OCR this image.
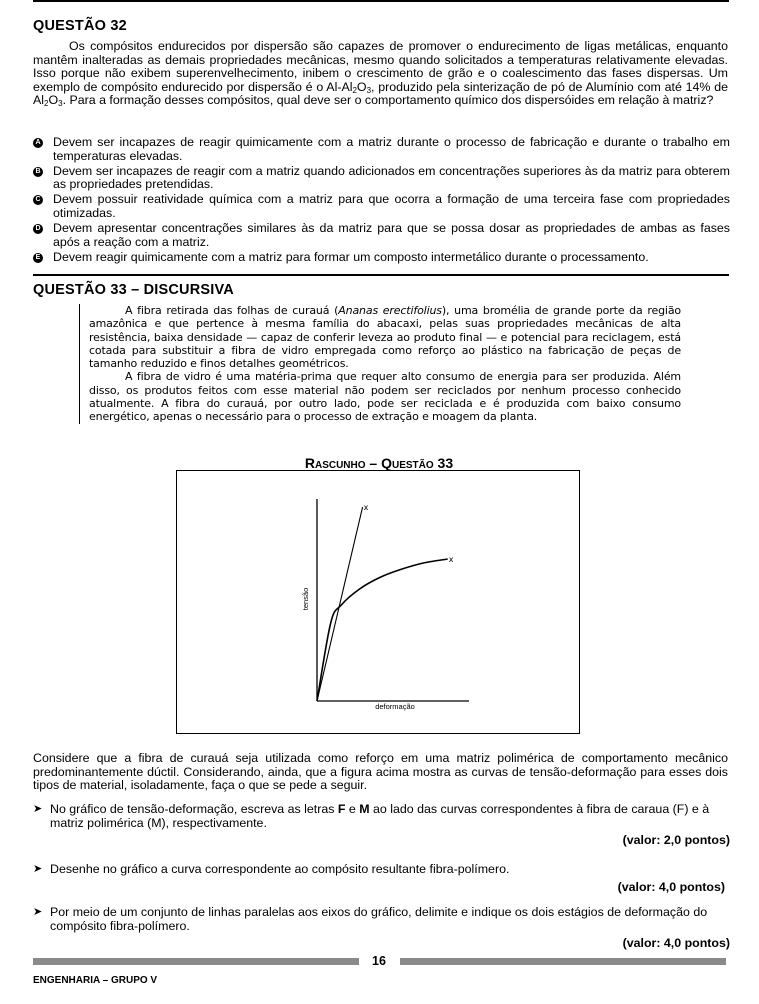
QUESTÃO 32

Os compósitos endurecidos por dispersão são capazes de promover o endurecimento de ligas metálicas, enquanto mantêm inalteradas as demais propriedades mecânicas, mesmo quando solicitados a temperaturas relativamente elevadas. Isso porque não exibem superenvelhecimento, inibem o crescimento de grão e o coalescimento das fases dispersas. Um exemplo de compósito endurecido por dispersão é o $Al-Al_2O_3$, produzido pela sinterização de pó de Alumínio com até 14% de $Al_2O_3$. Para a formação desses compósitos, qual deve ser o comportamento químico dos dispersóides em relação à matriz?

A Devem ser incapazes de reagir quimicamente com a matriz durante o processo de fabricação e durante o trabalho em temperaturas elevadas.
B Devem ser incapazes de reagir com a matriz quando adicionados em concentrações superiores às da matriz para obterem as propriedades pretendidas.
C Devem possuir reatividade química com a matriz para que ocorra a formação de uma terceira fase com propriedades otimizadas.
D Devem apresentar concentrações similares às da matriz para que se possa dosar as propriedades de ambas as fases após a reação com a matriz.
E Devem reagir quimicamente com a matriz para formar um composto intermetálico durante o processamento.
QUESTÃO 33 – DISCURSIVA

A fibra retirada das folhas de curauá (Ananas erectifolius), uma bromélia de grande porte da região amazônica e que pertence à mesma família do abacaxi, pelas suas propriedades mecânicas de alta resistência, baixa densidade — capaz de conferir leveza ao produto final — e potencial para reciclagem, está cotada para substituir a fibra de vidro empregada como reforço ao plástico na fabricação de peças de tamanho reduzido e finos detalhes geométricos.

A fibra de vidro é uma matéria-prima que requer alto consumo de energia para ser produzida. Além disso, os produtos feitos com esse material não podem ser reciclados por nenhum processo conhecido atualmente. A fibra do curauá, por outro lado, pode ser reciclada e é produzida com baixo consumo energético, apenas o necessário para o processo de extração e moagem da planta.

Rascunho – Questão 33
tensão
deformação
x
x

Considere que a fibra de curauá seja utilizada como reforço em uma matriz polimérica de comportamento mecânico predominantemente dúctil. Considerando, ainda, que a figura acima mostra as curvas de tensão-deformação para esses dois tipos de material, isoladamente, faça o que se pede a seguir.

➤ No gráfico de tensão-deformação, escreva as letras F e M ao lado das curvas correspondentes à fibra de caraua (F) e à matriz polimérica (M), respectivamente.
(valor: 2,0 pontos)
➤ Desenhe no gráfico a curva correspondente ao compósito resultante fibra-polímero.
(valor: 4,0 pontos)
➤ Por meio de um conjunto de linhas paralelas aos eixos do gráfico, delimite e indique os dois estágios de deformação do compósito fibra-polímero.
(valor: 4,0 pontos)
16
ENGENHARIA – GRUPO V
